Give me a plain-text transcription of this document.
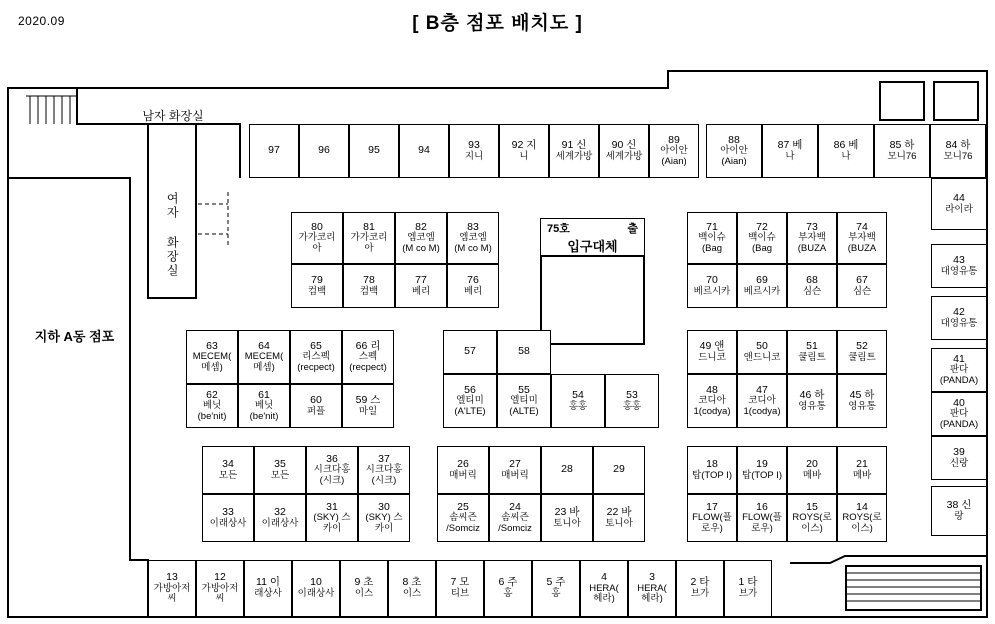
2020.09	[ B층 점포 배치도 ]
남자 화장실
여자 화장실
지하 A동 점포
75호	출
입구대체
97	96	95	94	93
지니
92 지
니
91 신
세계가방
90 신
세계가방
89
아이안
(Aian)
88
아이안
(Aian)
87 베
나
86 베
나
85 하
모니76
84 하
모니76
80
가가코리
아
81
가가코리
아
82
엠코엠
(M co M)
83
엠코엠
(M co M)
79
컴백
78
컴백
77
베리
76
베리
71
백이슈
(Bag
72
백이슈
(Bag
73
부자백
(BUZA
74
부자백
(BUZA
70
베르시카
69
베르시카
68
심슨
67
심슨
63
MECEM(
메셈)
64
MECEM(
메셈)
65
리스펙
(recpect)
66 리
스펙
(recpect)
62
베닛
(be'nit)
61
베닛
(be'nit)
60
퍼플
59 스
마일
49 앤
드니코
50
앤드니코
51
쿨림트
52
쿨림트
48
코디아
1(codya)
47
코디아
1(codya)
46 하
영유통
45 하
영유통
57	58
56
엘티미
(A'LTE)
55
엘티미
(ALTE)
54
홍홍
53
홍홍
34
모든
35
모든
36
시크다홍
(시크)
37
시크다홍
(시크)
33
이래상사
32
이래상사
31
(SKY) 스
카이
30
(SKY) 스
카이
26
매버릭
27
매버릭	28	29
25
솜씨즌
/Somciz
24
솜씨즌
/Somciz
23 바
토니아
22 바
토니아
18
탑(TOP I)
19
탑(TOP I)
20
메바
21
메바
17
FLOW(플
로우)
16
FLOW(플
로우)
15
ROYS(로
이스)
14
ROYS(로
이스)
44
라이라
43
대영유통
42
대영유통
41
판다
(PANDA)
40
판다
(PANDA)
39
신랑
38 신
랑
13
가방아저
씨
12
가방아저
씨
11 이
래상사
10
이래상사
9 초
이스
8 초
이스
7 모
티브
6 주
홍
5 주
홍
4
HERA(
헤라)
3
HERA(
헤라)
2 타
브가
1 타
브가
